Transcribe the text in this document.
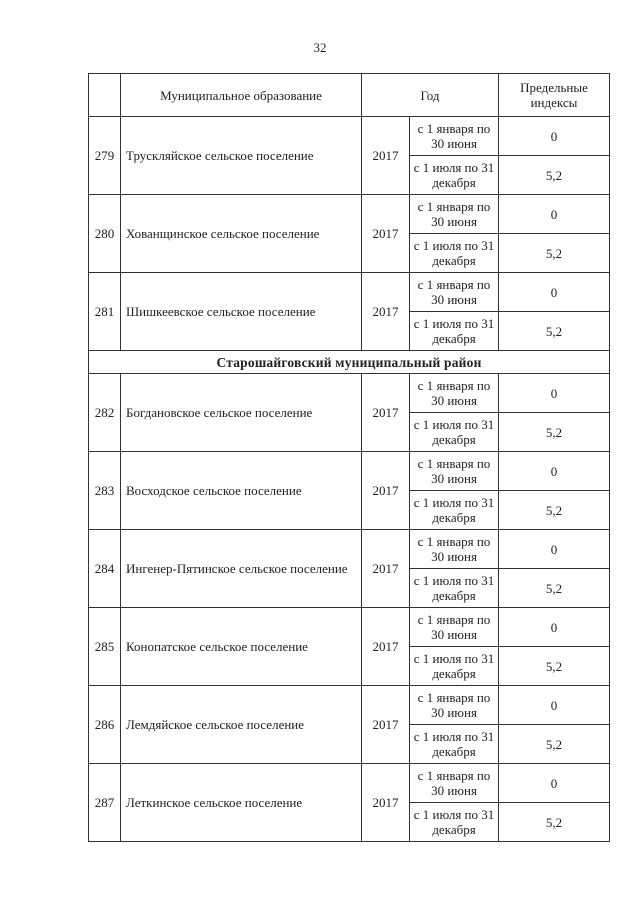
32
	Муниципальное образование	Год		Предельные индексы
279	Трускляйское сельское поселение	2017	с 1 января по 30 июня	0
			с 1 июля по 31 декабря	5,2
280	Хованщинское сельское поселение	2017	с 1 января по 30 июня	0
			с 1 июля по 31 декабря	5,2
281	Шишкеевское сельское поселение	2017	с 1 января по 30 июня	0
			с 1 июля по 31 декабря	5,2
Старошайговский муниципальный район				
282	Богдановское сельское поселение	2017	с 1 января по 30 июня	0
			с 1 июля по 31 декабря	5,2
283	Восходское сельское поселение	2017	с 1 января по 30 июня	0
			с 1 июля по 31 декабря	5,2
284	Ингенер-Пятинское сельское поселение	2017	с 1 января по 30 июня	0
			с 1 июля по 31 декабря	5,2
285	Конопатское сельское поселение	2017	с 1 января по 30 июня	0
			с 1 июля по 31 декабря	5,2
286	Лемдяйское сельское поселение	2017	с 1 января по 30 июня	0
			с 1 июля по 31 декабря	5,2
287	Леткинское сельское поселение	2017	с 1 января по 30 июня	0
			с 1 июля по 31 декабря	5,2
